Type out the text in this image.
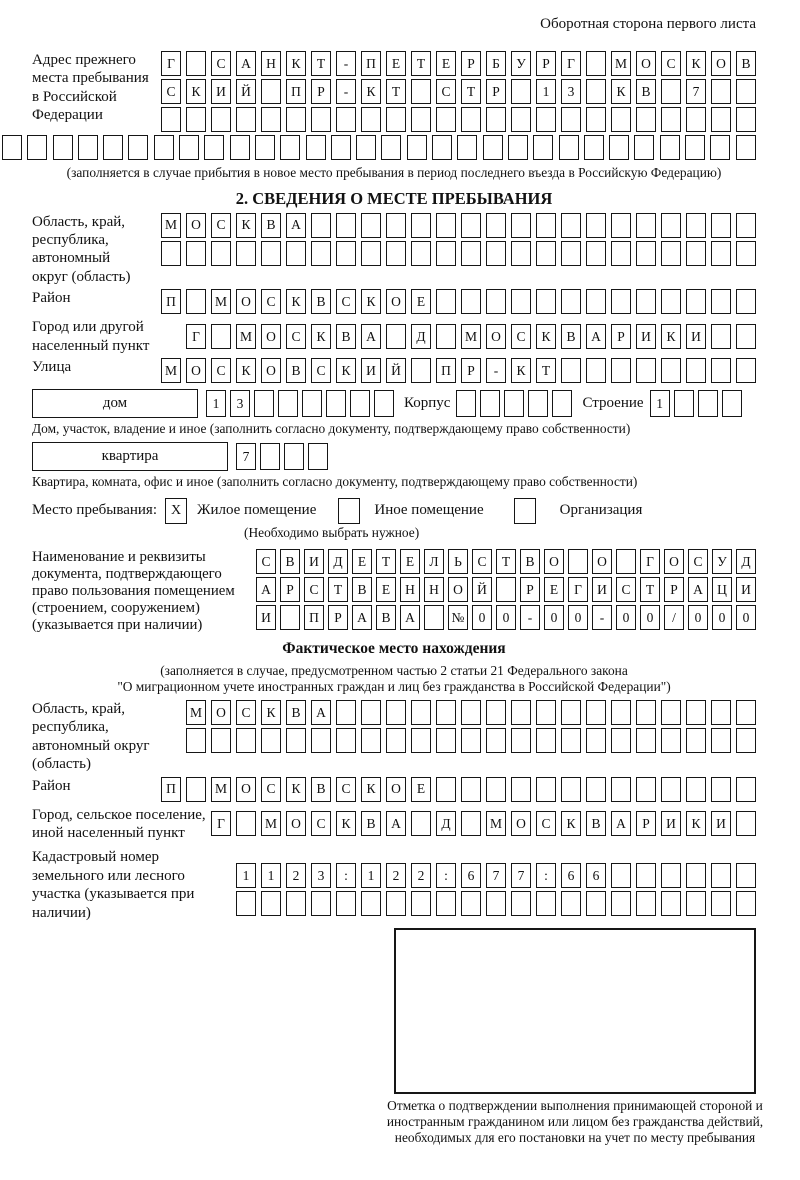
Оборотная сторона первого листа
Адрес прежнего места пребывания в Российской Федерации
Г	С	А	Н	К	Т	-	П	Е	Т	Е	Р	Б	У	Р	Г	М	О	С	К	О	В
С	К	И	Й	П	Р	-	К	Т	С	Т	Р	1	3	К	В	7
(заполняется в случае прибытия в новое место пребывания в период последнего въезда в Российскую Федерацию)
2. СВЕДЕНИЯ О МЕСТЕ ПРЕБЫВАНИЯ
Область, край, республика, автономный округ (область)
М	О	С	К	В	А
Район	П	М	О	С	К	В	С	К	О	Е
Город или другой населенный пункт
Г	М	О	С	К	В	А	Д	М	О	С	К	В	А	Р	И	К	И
Улица	М	О	С	К	О	В	С	К	И	Й	П	Р	-	К	Т
дом	1	3	Корпус	Строение 1
Дом, участок, владение и иное (заполнить согласно документу, подтверждающему право собственности)
квартира	7
Квартира, комната, офис и иное (заполнить согласно документу, подтверждающему право собственности)
Место пребывания: X	Жилое помещение	Иное помещение	Организация
(Необходимо выбрать нужное)
Наименование и реквизиты документа, подтверждающего право пользования помещением (строением, сооружением) (указывается при наличии)
С	В	И	Д	Е	Т	Е	Л	Ь	С	Т	В	О	О	Г	О	С	У	Д
А	Р	С	Т	В	Е	Н	Н	О	Й	Р	Е	Г	И	С	Т	Р	А	Ц	И
И	П	Р	А	В	А	№	0	0	-	0	0	-	0	0	/	0	0	0
Фактическое место нахождения
(заполняется в случае, предусмотренном частью 2 статьи 21 Федерального закона
"О миграционном учете иностранных граждан и лиц без гражданства в Российской Федерации")
Область, край, республика, автономный округ (область)
М	О	С	К	В	А
Район	П	М	О	С	К	В	С	К	О	Е
Город, сельское поселение, иной населенный пункт
Г	М	О	С	К	В	А	Д	М	О	С	К	В	А	Р	И	К	И
Кадастровый номер земельного или лесного участка (указывается при наличии)
1	1	2	3	:	1	2	2	:	6	7	7	:	6	6
Отметка о подтверждении выполнения принимающей стороной и иностранным гражданином или лицом без гражданства действий, необходимых для его постановки на учет по месту пребывания
